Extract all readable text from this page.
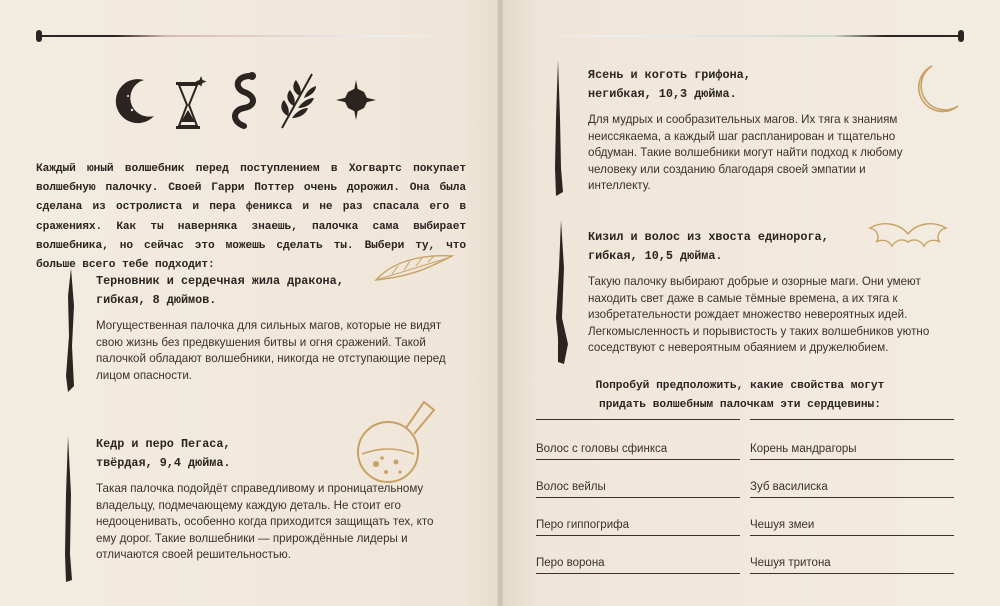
Каждый юный волшебник перед поступлением в Хогвартс покупает волшебную палочку. Своей Гарри Поттер очень дорожил. Она была сделана из остролиста и пера феникса и не раз спасала его в сражениях. Как ты наверняка знаешь, палочка сама выбирает волшебника, но сейчас это можешь сделать ты. Выбери ту, что больше всего тебе подходит:
Терновник и сердечная жила дракона,
гибкая, 8 дюймов.
Могущественная палочка для сильных магов, которые не видят свою жизнь без предвкушения битвы и огня сражений. Такой палочкой обладают волшебники, никогда не отступающие перед лицом опасности.
Кедр и перо Пегаса,
твёрдая, 9,4 дюйма.
Такая палочка подойдёт справедливому и проницательному владельцу, подмечающему каждую деталь. Не стоит его недооценивать, особенно когда приходится защищать тех, кто ему дорог. Такие волшебники — прирождённые лидеры и отличаются своей решительностью.
Ясень и коготь грифона,
негибкая, 10,3 дюйма.
Для мудрых и сообразительных магов. Их тяга к знаниям неиссякаема, а каждый шаг распланирован и тщательно обдуман. Такие волшебники могут найти подход к любому человеку или созданию благодаря своей эмпатии и интеллекту.
Кизил и волос из хвоста единорога,
гибкая, 10,5 дюйма.
Такую палочку выбирают добрые и озорные маги. Они умеют находить свет даже в самые тёмные времена, а их тяга к изобретательности рождает множество невероятных идей. Легкомысленность и порывистость у таких волшебников уютно соседствуют с невероятным обаянием и дружелюбием.
Попробуй предположить, какие свойства могут придать волшебным палочкам эти сердцевины:
Волос с головы сфинкса
Волос вейлы
Перо гиппогрифа
Перо ворона
Корень мандрагоры
Зуб василиска
Чешуя змеи
Чешуя тритона
